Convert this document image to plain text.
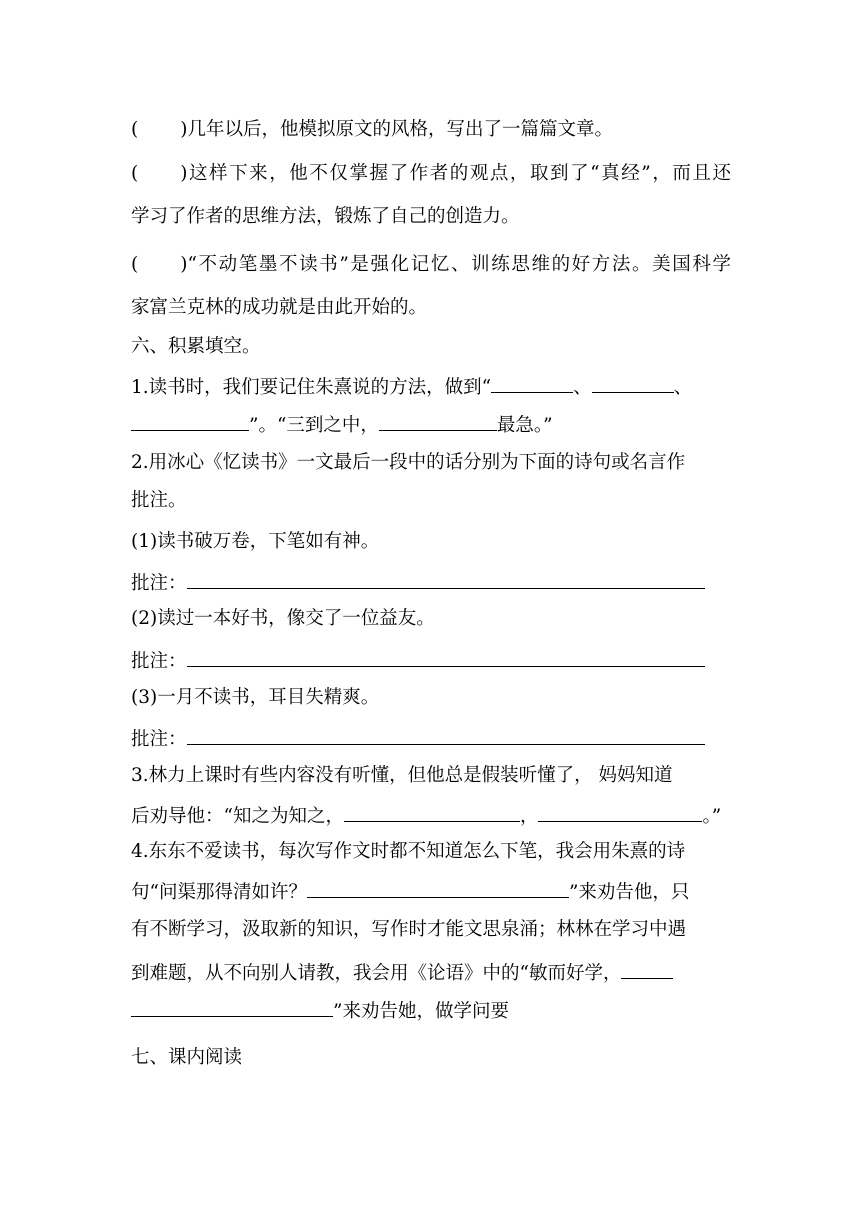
( )几年以后，他模拟原文的风格，写出了一篇篇文章。
( )这样下来，他不仅掌握了作者的观点，取到了“真经”，而且还
学习了作者的思维方法，锻炼了自己的创造力。
( )“不动笔墨不读书”是强化记忆、训练思维的好方法。美国科学
家富兰克林的成功就是由此开始的。
六、积累填空。
1.读书时，我们要记住朱熹说的方法，做到“	、	、
”。“三到之中，	最急。”
2.用冰心《忆读书》一文最后一段中的话分别为下面的诗句或名言作
批注。
(1)读书破万卷，下笔如有神。
批注：
(2)读过一本好书，像交了一位益友。
批注：
(3)一月不读书，耳目失精爽。
批注：
3.林力上课时有些内容没有听懂，但他总是假装听懂了， 妈妈知道
后劝导他：“知之为知之，	，	。”
4.东东不爱读书，每次写作文时都不知道怎么下笔，我会用朱熹的诗
句“问渠那得清如许？	”来劝告他，只
有不断学习，汲取新的知识，写作时才能文思泉涌；林林在学习中遇
到难题，从不向别人请教，我会用《论语》中的“敏而好学，
”来劝告她，做学问要
七、课内阅读
